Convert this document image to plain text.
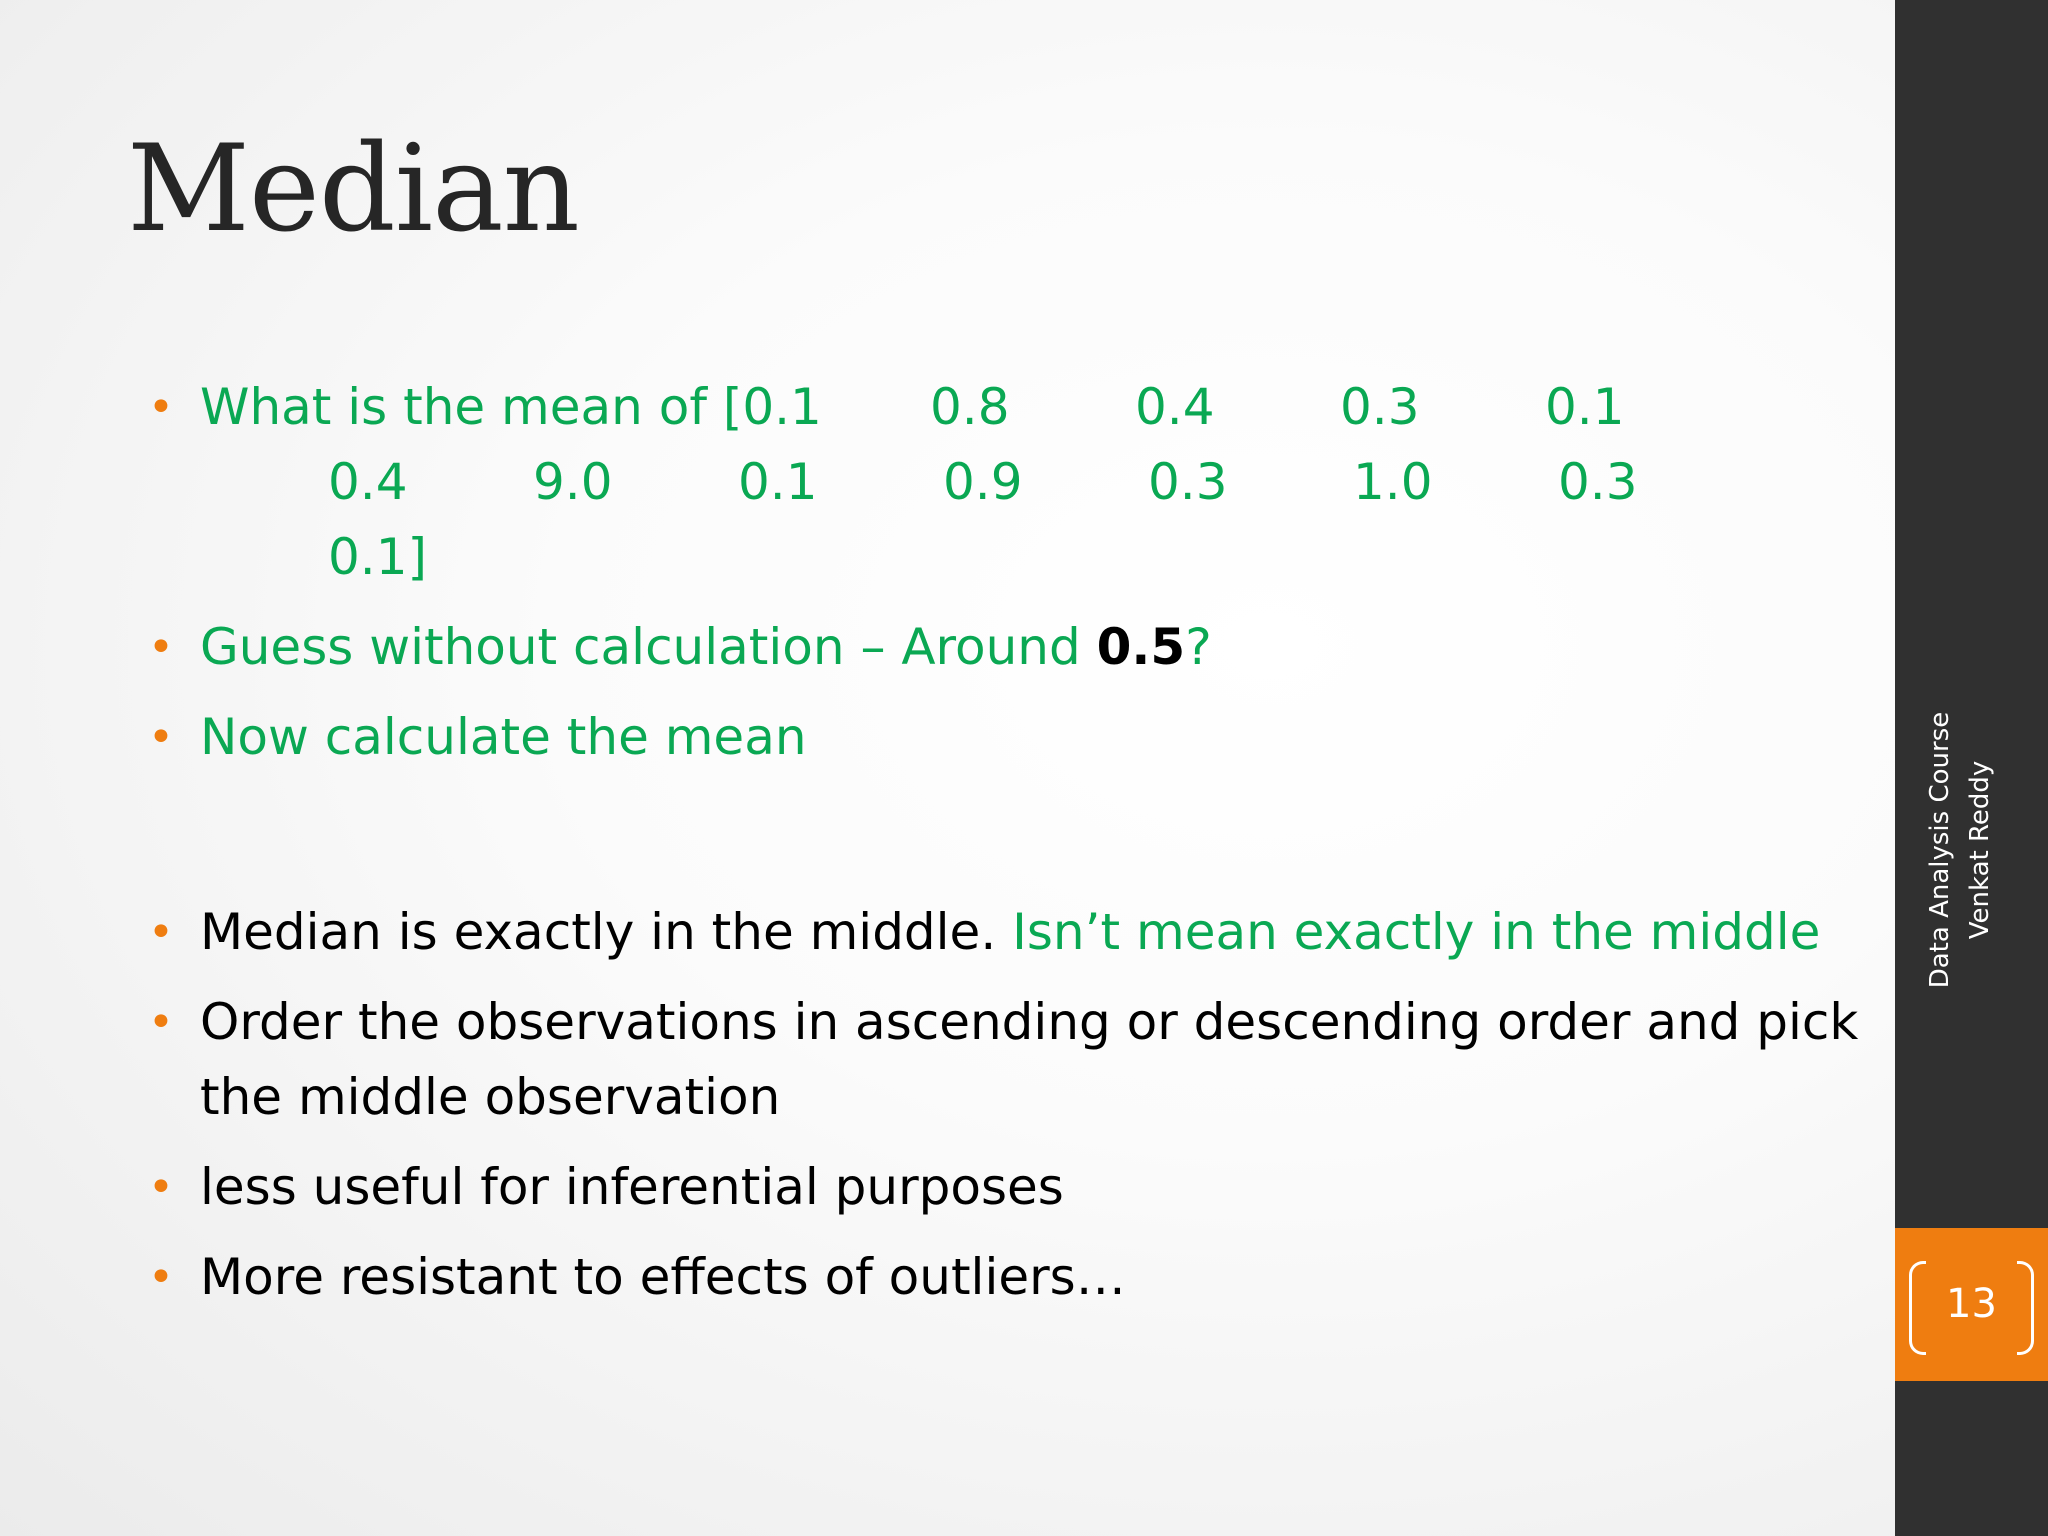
Median
• What is the mean of [0.1	0.8	0.4	0.3	0.1
0.4	9.0	0.1	0.9	0.3	1.0	0.3
0.1]
• Guess without calculation – Around 0.5?
• Now calculate the mean
• Median is exactly in the middle. Isn’t mean exactly in the middle
• Order the observations in ascending or descending order and pick the middle observation
• less useful for inferential purposes
• More resistant to effects of outliers…
Data Analysis Course Venkat Reddy
13
